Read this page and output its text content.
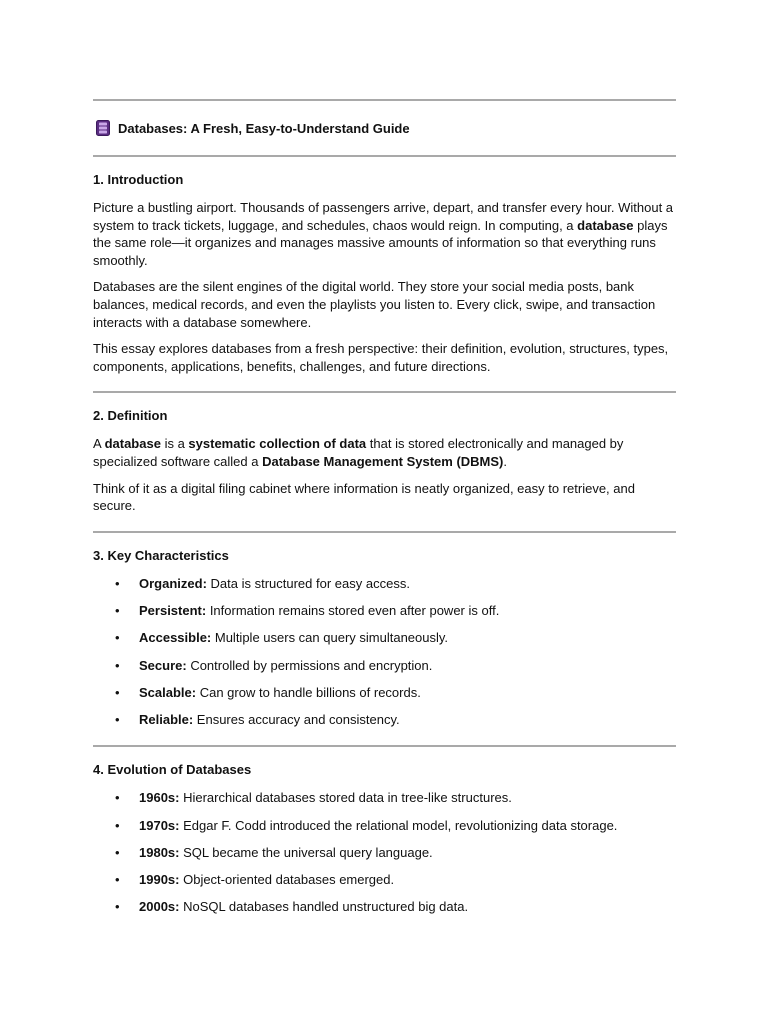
Databases: A Fresh, Easy-to-Understand Guide
1. Introduction

Picture a bustling airport. Thousands of passengers arrive, depart, and transfer every hour. Without a system to track tickets, luggage, and schedules, chaos would reign. In computing, a database plays the same role—it organizes and manages massive amounts of information so that everything runs smoothly.

Databases are the silent engines of the digital world. They store your social media posts, bank balances, medical records, and even the playlists you listen to. Every click, swipe, and transaction interacts with a database somewhere.

This essay explores databases from a fresh perspective: their definition, evolution, structures, types, components, applications, benefits, challenges, and future directions.

2. Definition

A database is a systematic collection of data that is stored electronically and managed by specialized software called a Database Management System (DBMS).

Think of it as a digital filing cabinet where information is neatly organized, easy to retrieve, and secure.

3. Key Characteristics
• Organized: Data is structured for easy access.
• Persistent: Information remains stored even after power is off.
• Accessible: Multiple users can query simultaneously.
• Secure: Controlled by permissions and encryption.
• Scalable: Can grow to handle billions of records.
• Reliable: Ensures accuracy and consistency.
4. Evolution of Databases
• 1960s: Hierarchical databases stored data in tree-like structures.
• 1970s: Edgar F. Codd introduced the relational model, revolutionizing data storage.
• 1980s: SQL became the universal query language.
• 1990s: Object-oriented databases emerged.
• 2000s: NoSQL databases handled unstructured big data.
